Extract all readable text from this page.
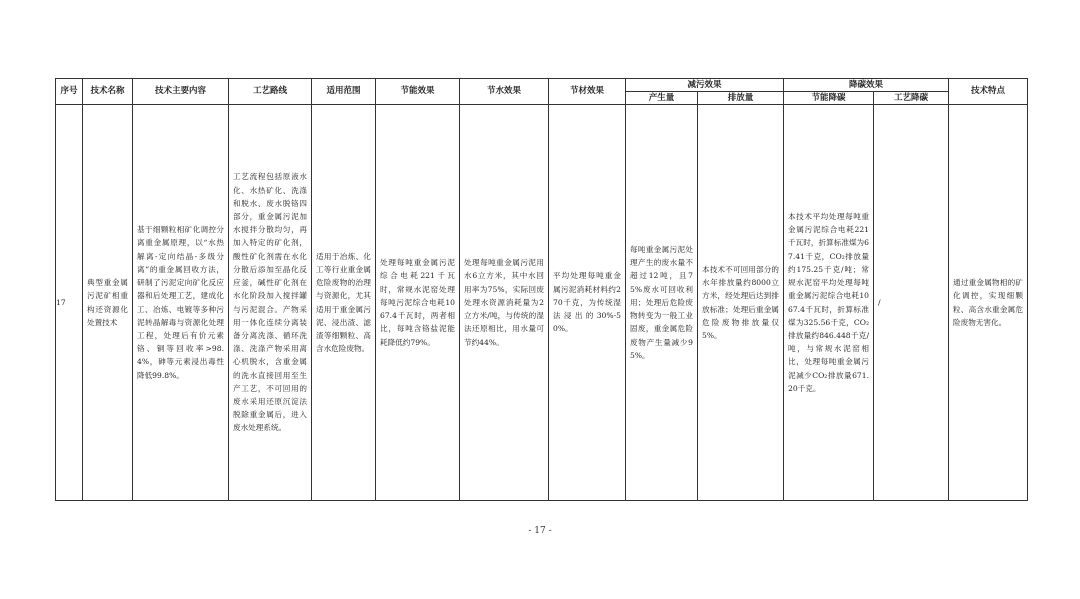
序号	技术名称	技术主要内容	工艺路线	适用范围	节能效果	节水效果	节材效果	减污效果		降碳效果		技术特点
								产生量	排放量	节能降碳	工艺降碳	
17	典型重金属污泥矿相重构还资源化处置技术	基于细颗粒相矿化调控分离重金属原理，以“水热解离-定向结晶-多级分离”的重金属回收方法，研制了污泥定向矿化反应器和后处理工艺，建成化工、冶炼、电镀等多种污泥转晶解毒与资源化处理工程，处理后有价元素铬、铜等回收率>98.4%，砷等元素浸出毒性降低99.8%。	工艺流程包括原液水化、水热矿化、洗涤和脱水、废水脱铬四部分，重金属污泥加水搅拌分散均匀，再加入特定的矿化剂，酸性矿化剂需在水化分散后添加至晶化反应釜，碱性矿化剂在水化阶段加入搅拌罐与污泥混合。产物采用一体化连续分离装备分离洗涤、循环洗涤、洗涤产物采用离心机脱水，含重金属的洗水直接回用至生产工艺，不可回用的废水采用还原沉淀法脱除重金属后，进入废水处理系统。	适用于冶炼、化工等行业重金属危险废物的治理与资源化，尤其适用于重金属污泥、浸出渣、滤渣等细颗粒、高含水危险废物。	处理每吨重金属污泥综合电耗221千瓦时，常规水泥窑处理每吨污泥综合电耗1067.4千瓦时，两者相比，每吨含铬盐泥能耗降低约79%。	处理每吨重金属污泥用水6立方米，其中水回用率为75%，实际回废处理水资源消耗量为2立方米/吨，与传统的湿法还原相比，用水量可节约44%。	平均处理每吨重金属污泥消耗材料约270千克，为传统湿法浸出的30%-50%。	每吨重金属污泥处理产生的废水量不超过12吨，且75%废水可回收利用；处理后危险废物转变为一般工业固废，重金属危险废物产生量减少95%。	本技术不可回用部分的水年排放量约8000立方米，经处理后达到排放标准；处理后重金属危险废物排放量仅5%。	本技术平均处理每吨重金属污泥综合电耗221千瓦时，折算标准煤为67.41千克，CO₂排放量约175.25千克/吨；常规水泥窑平均处理每吨重金属污泥综合电耗1067.4千瓦时，折算标准煤为325.56千克，CO₂排放量约846.448千克/吨，与常规水泥窑相比，处理每吨重金属污泥减少CO₂排放量671.20千克。	/	通过重金属物相的矿化调控，实现细颗粒、高含水重金属危险废物无害化。
- 17 -
